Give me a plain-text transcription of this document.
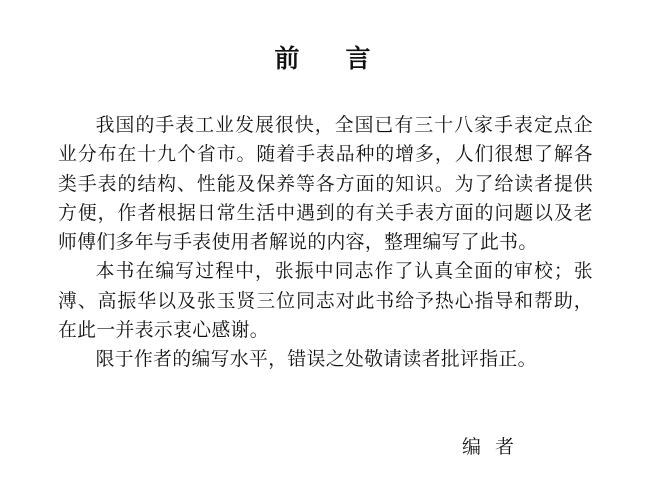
前言

我国的手表工业发展很快，全国已有三十八家手表定点企业分布在十九个省市。随着手表品种的增多，人们很想了解各类手表的结构、性能及保养等各方面的知识。为了给读者提供方便，作者根据日常生活中遇到的有关手表方面的问题以及老师傅们多年与手表使用者解说的内容，整理编写了此书。

本书在编写过程中，张振中同志作了认真全面的审校；张溥、高振华以及张玉贤三位同志对此书给予热心指导和帮助，在此一并表示衷心感谢。

限于作者的编写水平，错误之处敬请读者批评指正。

编者
